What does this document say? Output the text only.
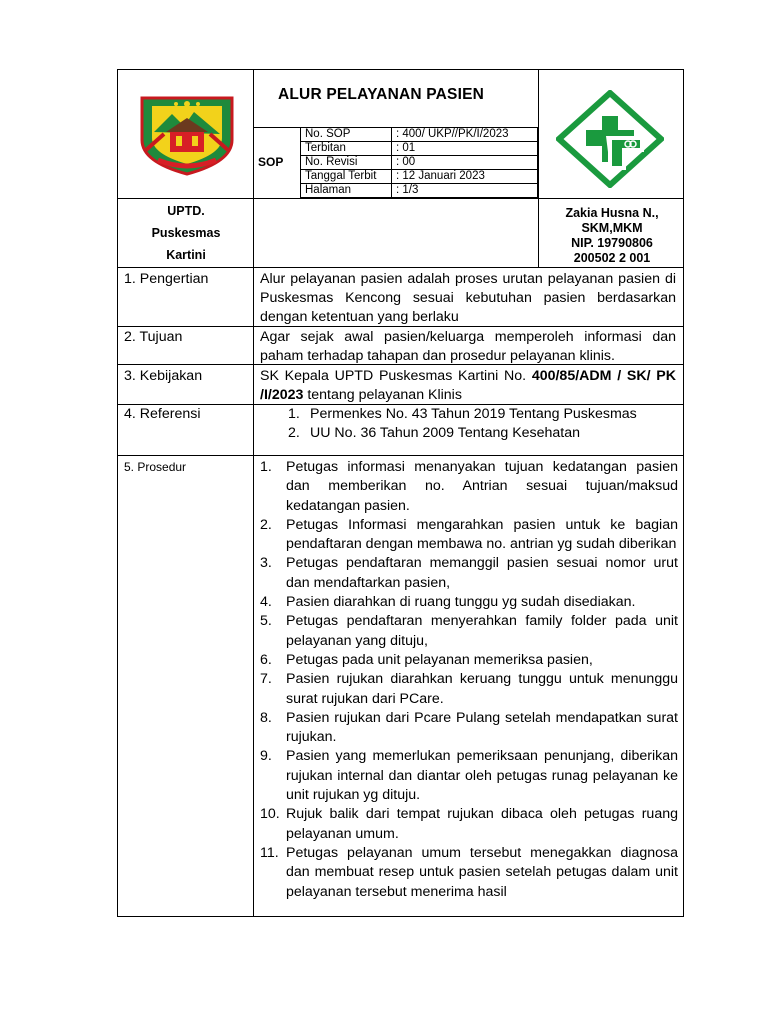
ALUR PELAYANAN PASIEN
SOP
No. SOP	: 400/ UKP//PK/I/2023
Terbitan	: 01
No. Revisi	: 00
Tanggal Terbit	: 12 Januari 2023
Halaman	: 1/3
UPTD.
Puskesmas
Kartini
Zakia Husna N.,
SKM,MKM
NIP. 19790806
200502 2 001
1. Pengertian	Alur pelayanan pasien adalah proses urutan pelayanan pasien di Puskesmas Kencong sesuai kebutuhan pasien berdasarkan dengan ketentuan yang berlaku
2. Tujuan	Agar sejak awal pasien/keluarga memperoleh informasi dan paham terhadap tahapan dan prosedur pelayanan klinis.
3. Kebijakan	SK Kepala UPTD Puskesmas Kartini No. 400/85/ADM / SK/ PK /I/2023 tentang pelayanan Klinis
4. Referensi	1. Permenkes No. 43 Tahun 2019 Tentang Puskesmas
2. UU No. 36 Tahun 2009 Tentang Kesehatan
5. Prosedur	1. Petugas informasi menanyakan tujuan kedatangan pasien dan memberikan no. Antrian sesuai tujuan/maksud kedatangan pasien.
2. Petugas Informasi mengarahkan pasien untuk ke bagian pendaftaran dengan membawa no. antrian yg sudah diberikan
3. Petugas pendaftaran memanggil pasien sesuai nomor urut dan mendaftarkan pasien,
4. Pasien diarahkan di ruang tunggu yg sudah disediakan.
5. Petugas pendaftaran menyerahkan family folder pada unit pelayanan yang dituju,
6. Petugas pada unit pelayanan memeriksa pasien,
7. Pasien rujukan diarahkan keruang tunggu untuk menunggu surat rujukan dari PCare.
8. Pasien rujukan dari Pcare Pulang setelah mendapatkan surat rujukan.
9. Pasien yang memerlukan pemeriksaan penunjang, diberikan rujukan internal dan diantar oleh petugas runag pelayanan ke unit rujukan yg dituju.
10. Rujuk balik dari tempat rujukan dibaca oleh petugas ruang pelayanan umum.
11. Petugas pelayanan umum tersebut menegakkan diagnosa dan membuat resep untuk pasien setelah petugas dalam unit pelayanan tersebut menerima hasil
